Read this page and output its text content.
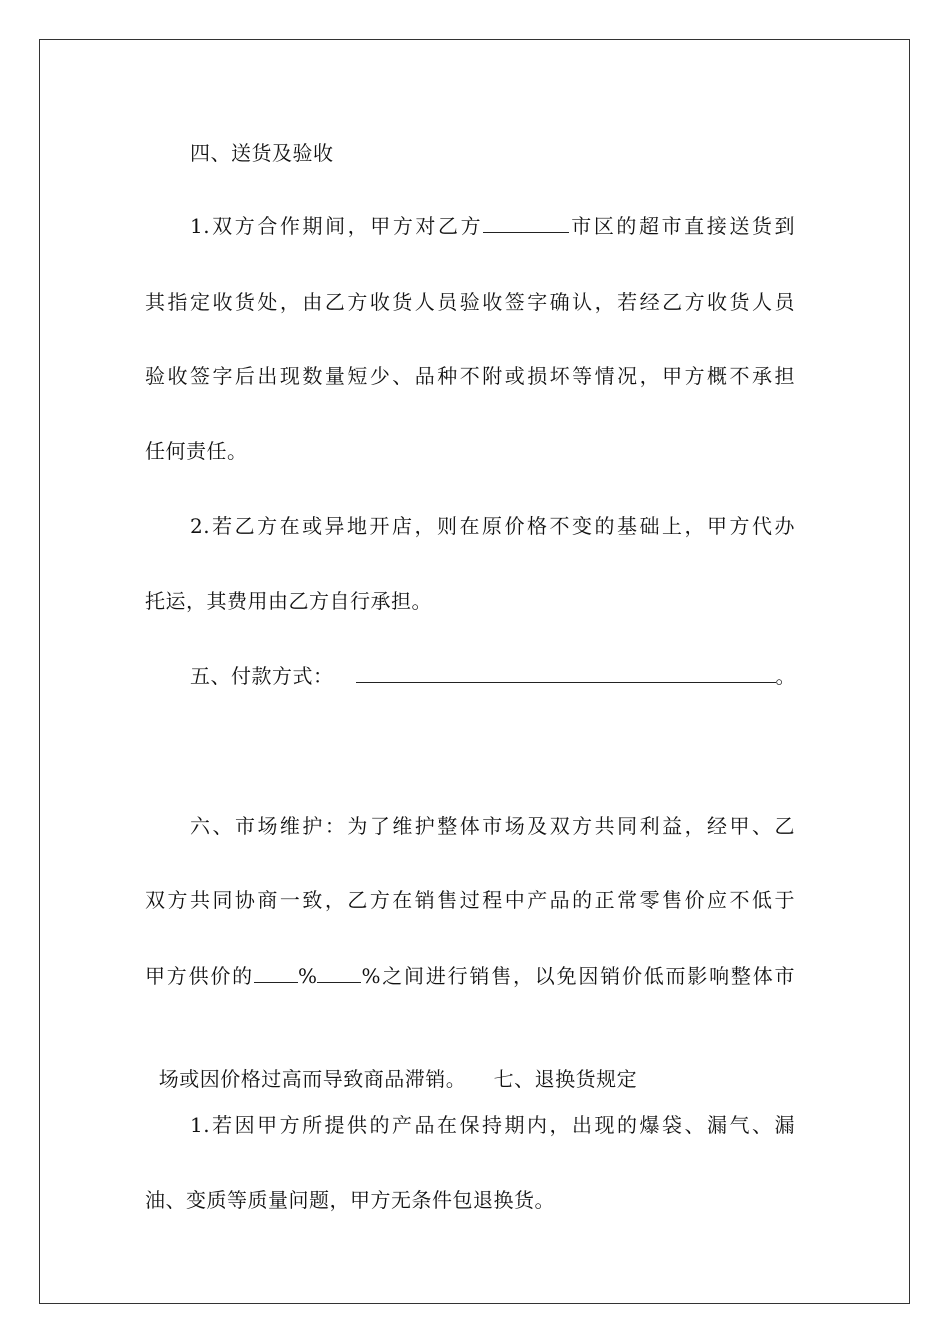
四、送货及验收
1.双方合作期间，甲方对乙方	市区的超市直接送货到
其指定收货处，由乙方收货人员验收签字确认，若经乙方收货人员
验收签字后出现数量短少、品种不附或损坏等情况，甲方概不承担
任何责任。
2.若乙方在或异地开店，则在原价格不变的基础上，甲方代办
托运，其费用由乙方自行承担。
五、付款方式：	。
六、市场维护：为了维护整体市场及双方共同利益，经甲、乙
双方共同协商一致，乙方在销售过程中产品的正常零售价应不低于
甲方供价的 % %之间进行销售，以免因销价低而影响整体市

场或因价格过高而导致商品滞销。    七、退换货规定

1.若因甲方所提供的产品在保持期内，出现的爆袋、漏气、漏
油、变质等质量问题，甲方无条件包退换货。
